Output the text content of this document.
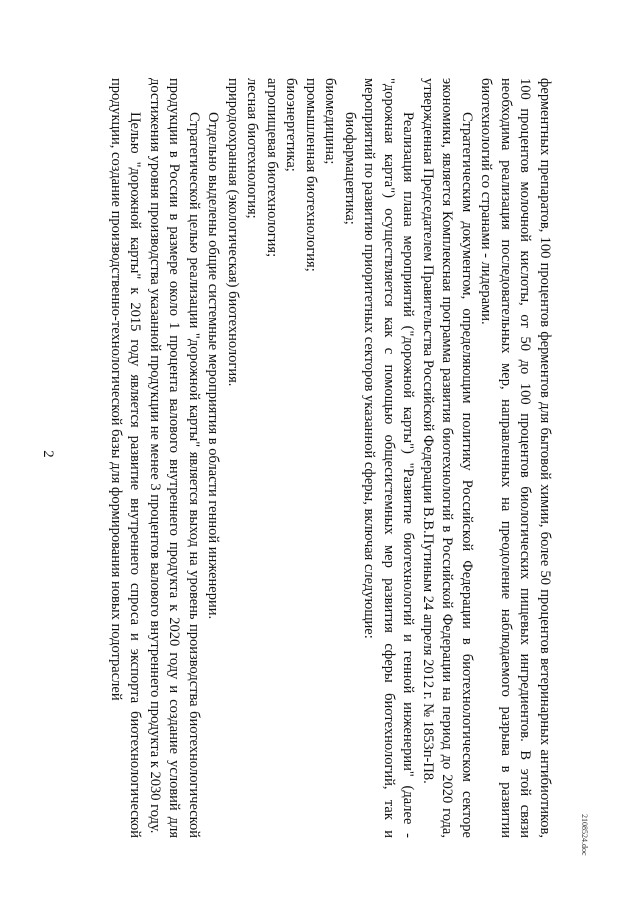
2	ферментных препаратов, 100 процентов ферментов для бытовой химии, более 50 процентов ветеринарных антибиотиков, 100 процентов молочной кислоты, от 50 до 100 процентов биологических пищевых ингредиентов. В этой связи необходима реализация последовательных мер, направленных на преодоление наблюдаемого разрыва в развитии биотехнологий со странами - лидерами.

Стратегическим документом, определяющим политику Российской Федерации в биотехнологическом секторе экономики, является Комплексная программа развития биотехнологий в Российской Федерации на период до 2020 года, утвержденная Председателем Правительства Российской Федерации В.В.Путиным 24 апреля 2012 г. № 1853п-П8.

Реализация плана мероприятий ("дорожной карты") "Развитие биотехнологий и генной инженерии" (далее - "дорожная карта") осуществляется как с помощью общесистемных мер развития сферы биотехнологий, так и мероприятий по развитию приоритетных секторов указанной сферы, включая следующие:

биофармацевтика;

биомедицина;

промышленная биотехнология;

биоэнергетика;

агропищевая биотехнология;

лесная биотехнология;

природоохранная (экологическая) биотехнология.

Отдельно выделены общие системные мероприятия в области генной инженерии.

Стратегической целью реализации "дорожной карты" является выход на уровень производства биотехнологической продукции в России в размере около 1 процента валового внутреннего продукта к 2020 году и создание условий для достижения уровня производства указанной продукции не менее 3 процентов валового внутреннего продукта к 2030 году.

Целью "дорожной карты" к 2015 году является развитие внутреннего спроса и экспорта биотехнологической продукции, создание производственно-технологической базы для формирования новых подотраслей

2108524.doc
